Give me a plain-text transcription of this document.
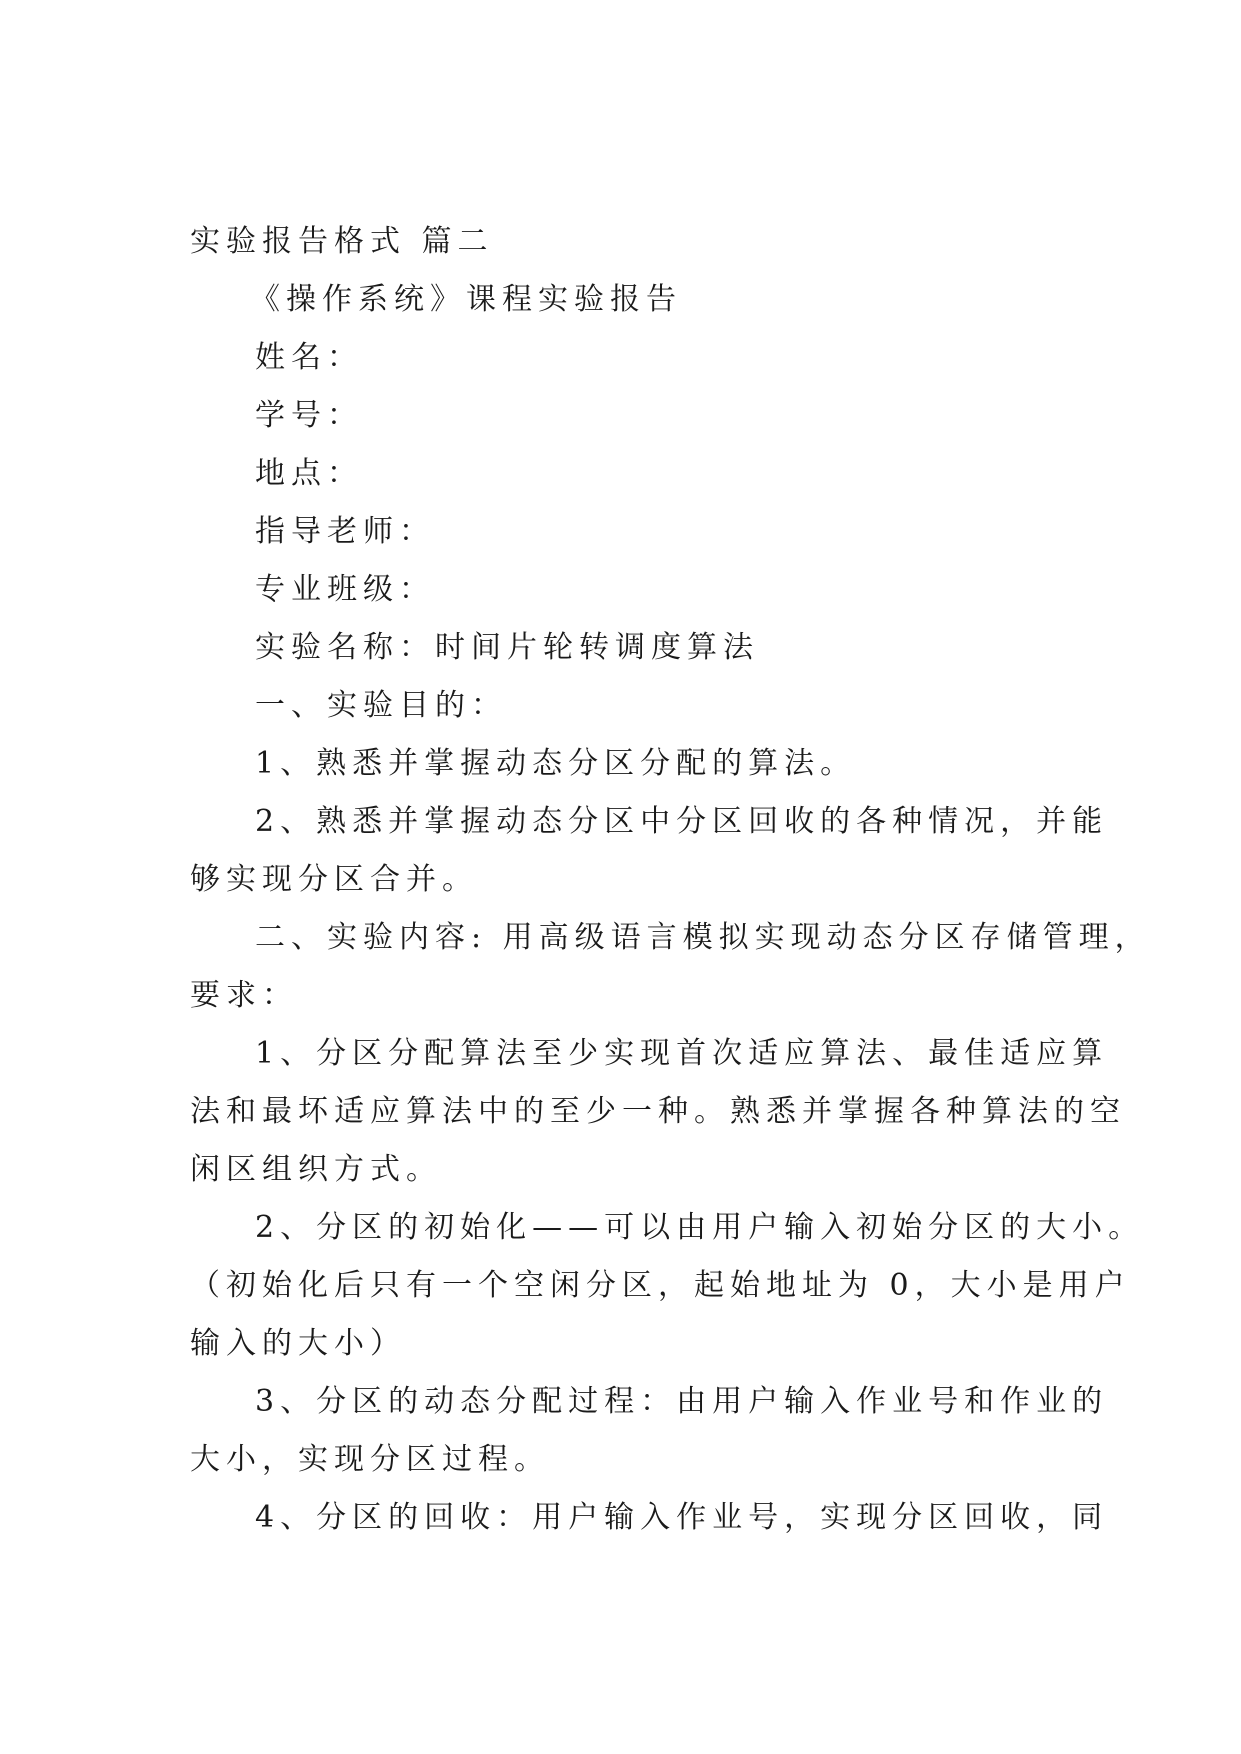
实验报告格式 篇二
《操作系统》课程实验报告
姓名：
学号：
地点：
指导老师：
专业班级：
实验名称：时间片轮转调度算法
一、实验目的：
1、熟悉并掌握动态分区分配的算法。
2、熟悉并掌握动态分区中分区回收的各种情况，并能
够实现分区合并。
二、实验内容: 用高级语言模拟实现动态分区存储管理，
要求：
1、分区分配算法至少实现首次适应算法、最佳适应算
法和最坏适应算法中的至少一种。熟悉并掌握各种算法的空
闲区组织方式。
2、分区的初始化——可以由用户输入初始分区的大小。
（初始化后只有一个空闲分区，起始地址为 0，大小是用户
输入的大小）
3、分区的动态分配过程：由用户输入作业号和作业的
大小，实现分区过程。
4、分区的回收：用户输入作业号，实现分区回收，同
